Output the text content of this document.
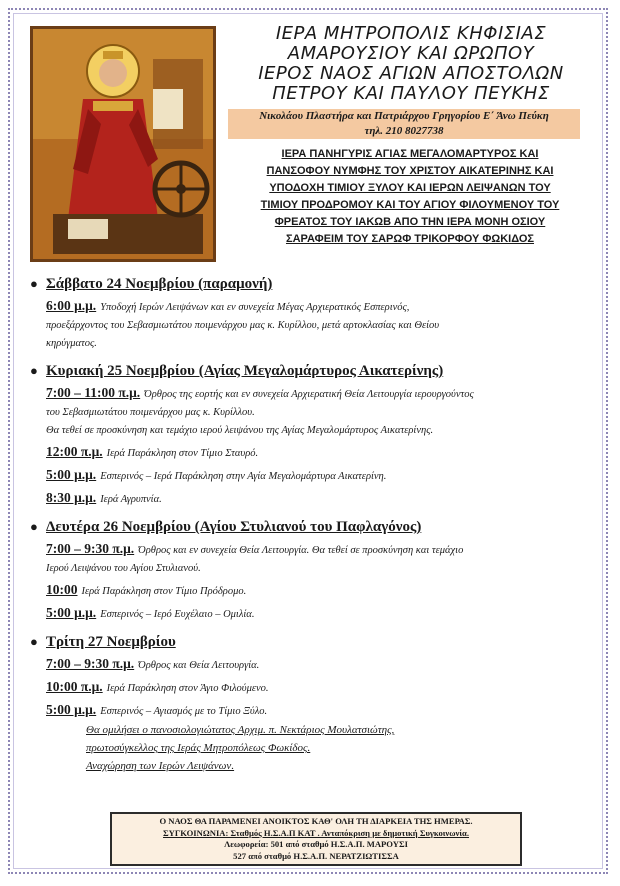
ΙΕΡΑ ΜΗΤΡΟΠΟΛΙΣ ΚΗΦΙΣΙΑΣ
ΑΜΑΡΟΥΣΙΟΥ ΚΑΙ ΩΡΩΠΟΥ
ΙΕΡΟΣ ΝΑΟΣ ΑΓΙΩΝ ΑΠΟΣΤΟΛΩΝ
ΠΕΤΡΟΥ ΚΑΙ ΠΑΥΛΟΥ ΠΕΥΚΗΣ
Νικολάου Πλαστήρα και Πατριάρχου Γρηγορίου Ε΄ Άνω Πεύκη
τηλ. 210 8027738
ΙΕΡΑ ΠΑΝΗΓΥΡΙΣ ΑΓΙΑΣ ΜΕΓΑΛΟΜΑΡΤΥΡΟΣ ΚΑΙ
ΠΑΝΣΟΦΟΥ ΝΥΜΦΗΣ ΤΟΥ ΧΡΙΣΤΟΥ ΑΙΚΑΤΕΡΙΝΗΣ ΚΑΙ
ΥΠΟΔΟΧΗ ΤΙΜΙΟΥ ΞΥΛΟΥ ΚΑΙ ΙΕΡΩΝ ΛΕΙΨΑΝΩΝ ΤΟΥ
ΤΙΜΙΟΥ ΠΡΟΔΡΟΜΟΥ ΚΑΙ ΤΟΥ ΑΓΙΟΥ ΦΙΛΟΥΜΕΝΟΥ ΤΟΥ
ΦΡΕΑΤΟΣ ΤΟΥ ΙΑΚΩΒ ΑΠΟ ΤΗΝ ΙΕΡΑ ΜΟΝΗ ΟΣΙΟΥ
ΣΑΡΑΦΕΙΜ ΤΟΥ ΣΑΡΩΦ ΤΡΙΚΟΡΦΟΥ ΦΩΚΙΔΟΣ
● Σάββατο 24 Νοεμβρίου (παραμονή)
6:00 μ.μ. Υποδοχή Ιερών Λειψάνων και εν συνεχεία Μέγας Αρχιερατικός Εσπερινός,
προεξάρχοντος του Σεβασμιωτάτου ποιμενάρχου μας κ. Κυρίλλου, μετά αρτοκλασίας και Θείου
κηρύγματος.
● Κυριακή 25 Νοεμβρίου (Αγίας Μεγαλομάρτυρος Αικατερίνης)
7:00 – 11:00 π.μ. Όρθρος της εορτής και εν συνεχεία Αρχιερατική Θεία Λειτουργία ιερουργούντος
του Σεβασμιωτάτου ποιμενάρχου μας κ. Κυρίλλου.
Θα τεθεί σε προσκύνηση και τεμάχιο ιερού λειψάνου της Αγίας Μεγαλομάρτυρος Αικατερίνης.
12:00 π.μ. Ιερά Παράκληση στον Τίμιο Σταυρό.
5:00 μ.μ. Εσπερινός – Ιερά Παράκληση στην Αγία Μεγαλομάρτυρα Αικατερίνη.
8:30 μ.μ. Ιερά Αγρυπνία.
● Δευτέρα 26 Νοεμβρίου (Αγίου Στυλιανού του Παφλαγόνος)
7:00 – 9:30 π.μ. Όρθρος και εν συνεχεία Θεία Λειτουργία. Θα τεθεί σε προσκύνηση και τεμάχιο
Ιερού Λειψάνου του Αγίου Στυλιανού.
10:00 Ιερά Παράκληση στον Τίμιο Πρόδρομο.
5:00 μ.μ. Εσπερινός – Ιερό Ευχέλαιο – Ομιλία.
● Τρίτη 27 Νοεμβρίου
7:00 – 9:30 π.μ. Όρθρος και Θεία Λειτουργία.
10:00 π.μ. Ιερά Παράκληση στον Άγιο Φιλούμενο.
5:00 μ.μ. Εσπερινός – Αγιασμός με το Τίμιο Ξύλο.
Θα ομιλήσει ο πανοσιολογιώτατος Αρχιμ. π. Νεκτάριος Μουλατσιώτης,
πρωτοσύγκελλος της Ιεράς Μητροπόλεως Φωκίδος.
Αναχώρηση των Ιερών Λειψάνων.
Ο ΝΑΟΣ ΘΑ ΠΑΡΑΜΕΝΕΙ ΑΝΟΙΚΤΟΣ ΚΑΘ' ΟΛΗ ΤΗ ΔΙΑΡΚΕΙΑ ΤΗΣ ΗΜΕΡΑΣ.
ΣΥΓΚΟΙΝΩΝΙΑ: Σταθμός Η.Σ.Α.Π ΚΑΤ . Ανταπόκριση με δημοτική Συγκοινωνία.
Λεωφορεία: 501 από σταθμό Η.Σ.Α.Π. ΜΑΡΟΥΣΙ
527 από σταθμό Η.Σ.Α.Π. ΝΕΡΑΤΖΙΩΤΙΣΣΑ
